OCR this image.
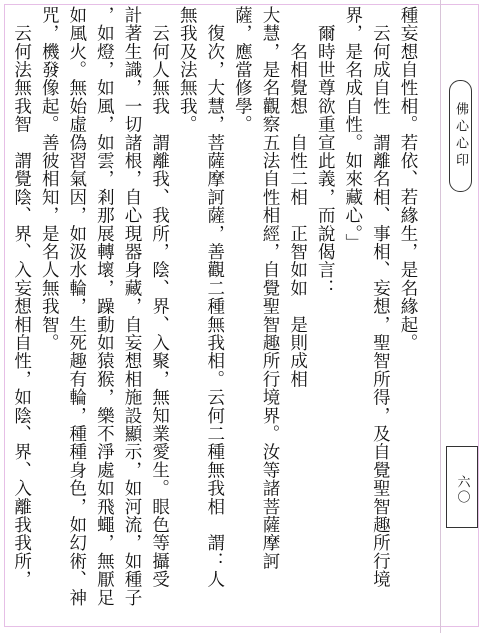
種妄想自性相。若依、若緣生，是名緣起。
　云何成自性　謂離名相、事相、妄想，聖智所得，及自覺聖智趣所行境
界，是名成自性。如來藏心。」
　爾時世尊欲重宣此義，而說偈言：
　　名相覺想　自性二相　正智如如　是則成相
大慧，是名觀察五法自性相經，自覺聖智趣所行境界。汝等諸菩薩摩訶
薩，應當修學。
　復次，大慧，菩薩摩訶薩，善觀二種無我相。云何二種無我相　謂：人
無我及法無我。
　云何人無我　謂離我、我所，陰、界、入聚，無知業愛生。眼色等攝受
計著生識，一切諸根，自心現器身藏，自妄想相施設顯示，如河流，如種子
，如燈，如風，如雲，剎那展轉壞，躁動如猿猴，樂不淨處如飛蠅，無厭足
如風火。無始虛偽習氣因，如汲水輪，生死趣有輪，種種身色，如幻術、神
咒，機發像起。善彼相知，是名人無我智。
　云何法無我智　謂覺陰、界、入妄想相自性，如陰、界、入離我我所，	佛心心印
六〇
